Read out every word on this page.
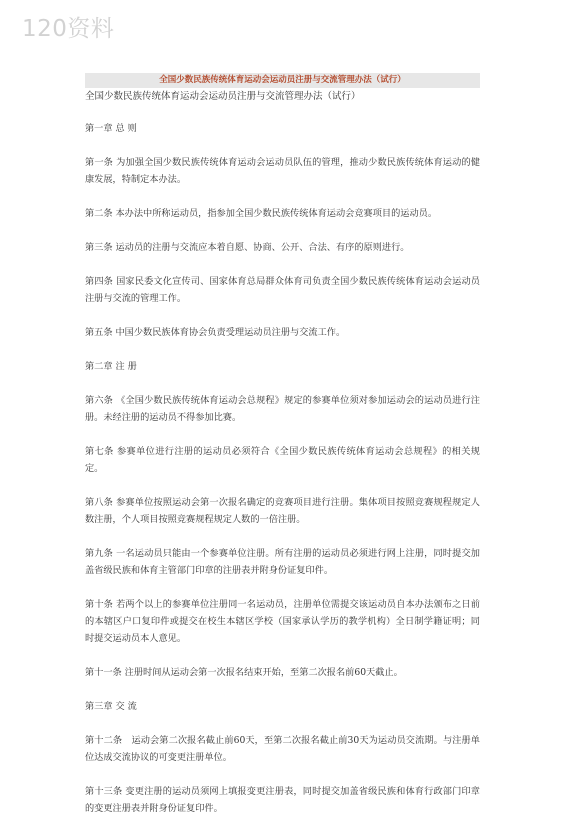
120资料
全国少数民族传统体育运动会运动员注册与交流管理办法（试行）

全国少数民族传统体育运动会运动员注册与交流管理办法（试行）

第一章 总 则

第一条 为加强全国少数民族传统体育运动会运动员队伍的管理，推动少数民族传统体育运动的健康发展，特制定本办法。

第二条 本办法中所称运动员，指参加全国少数民族传统体育运动会竞赛项目的运动员。

第三条 运动员的注册与交流应本着自愿、协商、公开、合法、有序的原则进行。

第四条 国家民委文化宣传司、国家体育总局群众体育司负责全国少数民族传统体育运动会运动员注册与交流的管理工作。

第五条 中国少数民族体育协会负责受理运动员注册与交流工作。

第二章 注 册

第六条 《全国少数民族传统体育运动会总规程》规定的参赛单位须对参加运动会的运动员进行注册。未经注册的运动员不得参加比赛。

第七条 参赛单位进行注册的运动员必须符合《全国少数民族传统体育运动会总规程》的相关规定。

第八条 参赛单位按照运动会第一次报名确定的竞赛项目进行注册。集体项目按照竞赛规程规定人数注册，个人项目按照竞赛规程规定人数的一倍注册。

第九条 一名运动员只能由一个参赛单位注册。所有注册的运动员必须进行网上注册，同时提交加盖省级民族和体育主管部门印章的注册表并附身份证复印件。

第十条 若两个以上的参赛单位注册同一名运动员，注册单位需提交该运动员自本办法颁布之日前的本辖区户口复印件或提交在校生本辖区学校（国家承认学历的教学机构）全日制学籍证明；同时提交运动员本人意见。

第十一条 注册时间从运动会第一次报名结束开始，至第二次报名前60天截止。

第三章 交 流

第十二条　运动会第二次报名截止前60天，至第二次报名截止前30天为运动员交流期。与注册单位达成交流协议的可变更注册单位。

第十三条 变更注册的运动员须网上填报变更注册表，同时提交加盖省级民族和体育行政部门印章的变更注册表并附身份证复印件。
